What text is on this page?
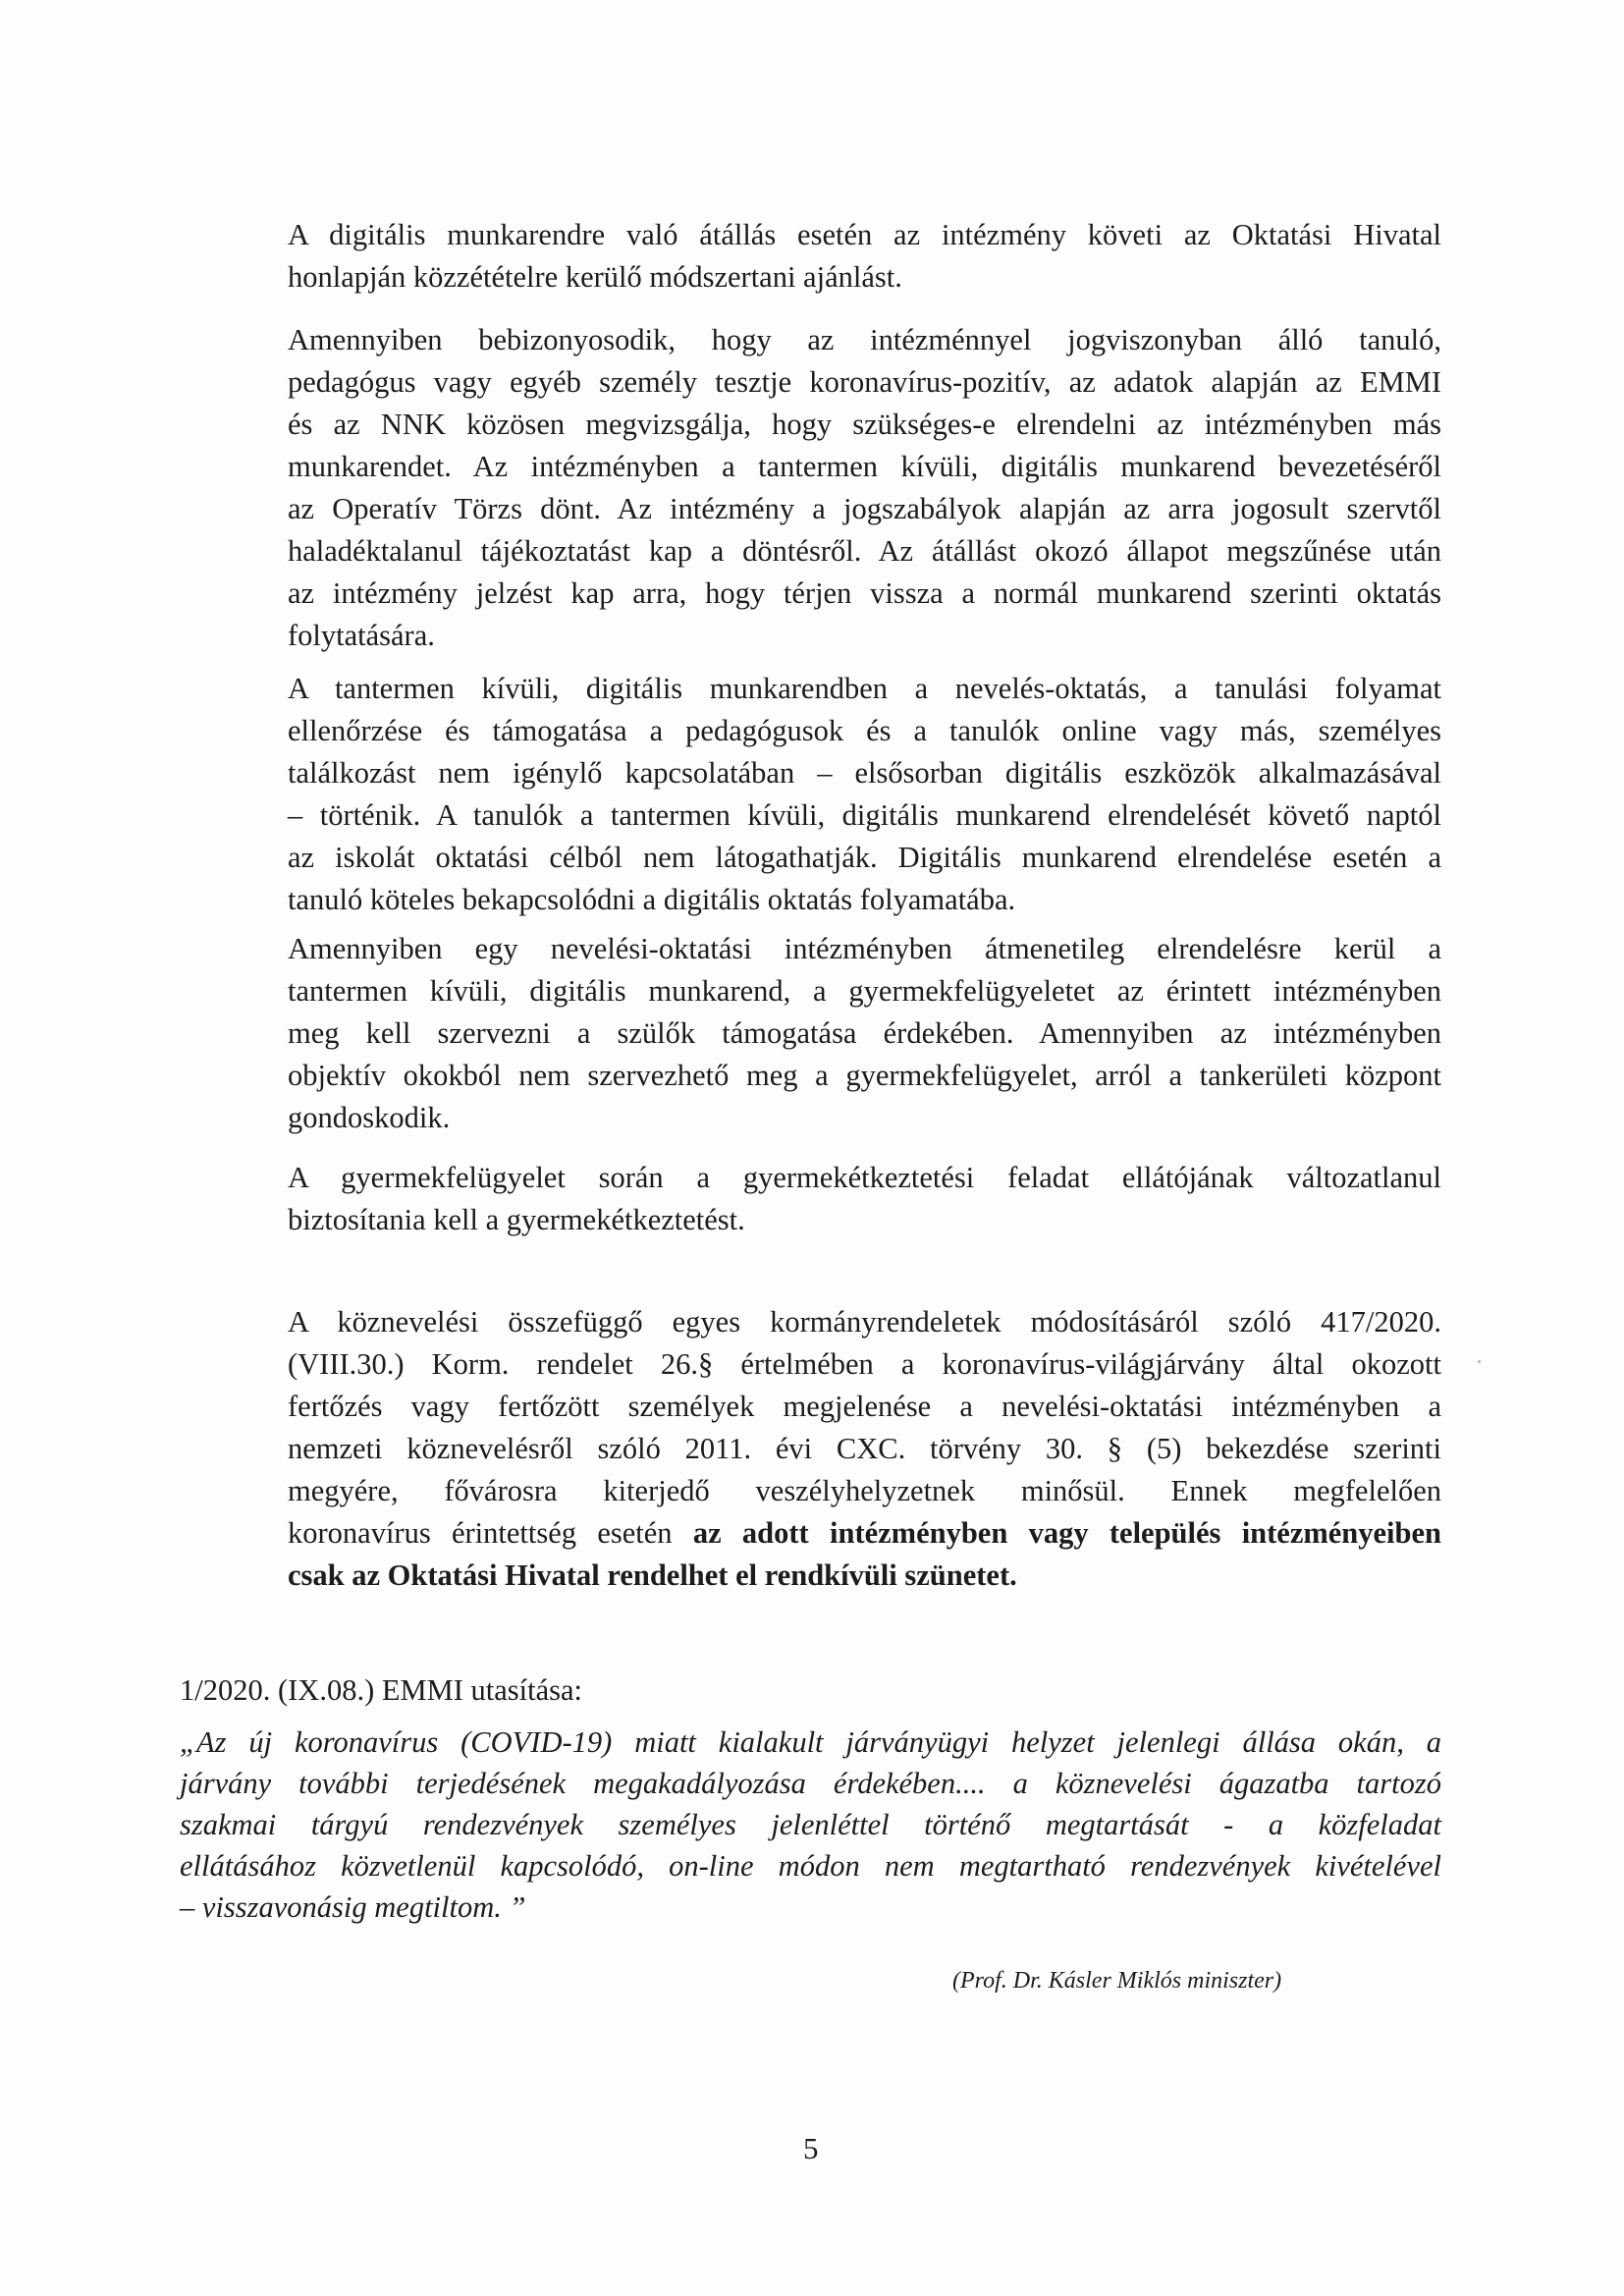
A digitális munkarendre való átállás esetén az intézmény követi az Oktatási Hivatal
honlapján közzétételre kerülő módszertani ajánlást.

Amennyiben bebizonyosodik, hogy az intézménnyel jogviszonyban álló tanuló,
pedagógus vagy egyéb személy tesztje koronavírus-pozitív, az adatok alapján az EMMI
és az NNK közösen megvizsgálja, hogy szükséges-e elrendelni az intézményben más
munkarendet. Az intézményben a tantermen kívüli, digitális munkarend bevezetéséről
az Operatív Törzs dönt. Az intézmény a jogszabályok alapján az arra jogosult szervtől
haladéktalanul tájékoztatást kap a döntésről. Az átállást okozó állapot megszűnése után
az intézmény jelzést kap arra, hogy térjen vissza a normál munkarend szerinti oktatás
folytatására.

A tantermen kívüli, digitális munkarendben a nevelés-oktatás, a tanulási folyamat
ellenőrzése és támogatása a pedagógusok és a tanulók online vagy más, személyes
találkozást nem igénylő kapcsolatában – elsősorban digitális eszközök alkalmazásával
– történik. A tanulók a tantermen kívüli, digitális munkarend elrendelését követő naptól
az iskolát oktatási célból nem látogathatják. Digitális munkarend elrendelése esetén a
tanuló köteles bekapcsolódni a digitális oktatás folyamatába.

Amennyiben egy nevelési-oktatási intézményben átmenetileg elrendelésre kerül a
tantermen kívüli, digitális munkarend, a gyermekfelügyeletet az érintett intézményben
meg kell szervezni a szülők támogatása érdekében. Amennyiben az intézményben
objektív okokból nem szervezhető meg a gyermekfelügyelet, arról a tankerületi központ
gondoskodik.

A gyermekfelügyelet során a gyermekétkeztetési feladat ellátójának változatlanul
biztosítania kell a gyermekétkeztetést.

A köznevelési összefüggő egyes kormányrendeletek módosításáról szóló 417/2020.
(VIII.30.) Korm. rendelet 26.§ értelmében a koronavírus-világjárvány által okozott
fertőzés vagy fertőzött személyek megjelenése a nevelési-oktatási intézményben a
nemzeti köznevelésről szóló 2011. évi CXC. törvény 30. § (5) bekezdése szerinti
megyére, fővárosra kiterjedő veszélyhelyzetnek minősül. Ennek megfelelően
koronavírus érintettség esetén az adott intézményben vagy település intézményeiben
csak az Oktatási Hivatal rendelhet el rendkívüli szünetet.

1/2020. (IX.08.) EMMI utasítása:

„Az új koronavírus (COVID-19) miatt kialakult járványügyi helyzet jelenlegi állása okán, a
járvány további terjedésének megakadályozása érdekében.... a köznevelési ágazatba tartozó
szakmai tárgyú rendezvények személyes jelenléttel történő megtartását - a közfeladat
ellátásához közvetlenül kapcsolódó, on-line módon nem megtartható rendezvények kivételével
– visszavonásig megtiltom. ”

(Prof. Dr. Kásler Miklós miniszter)

5
